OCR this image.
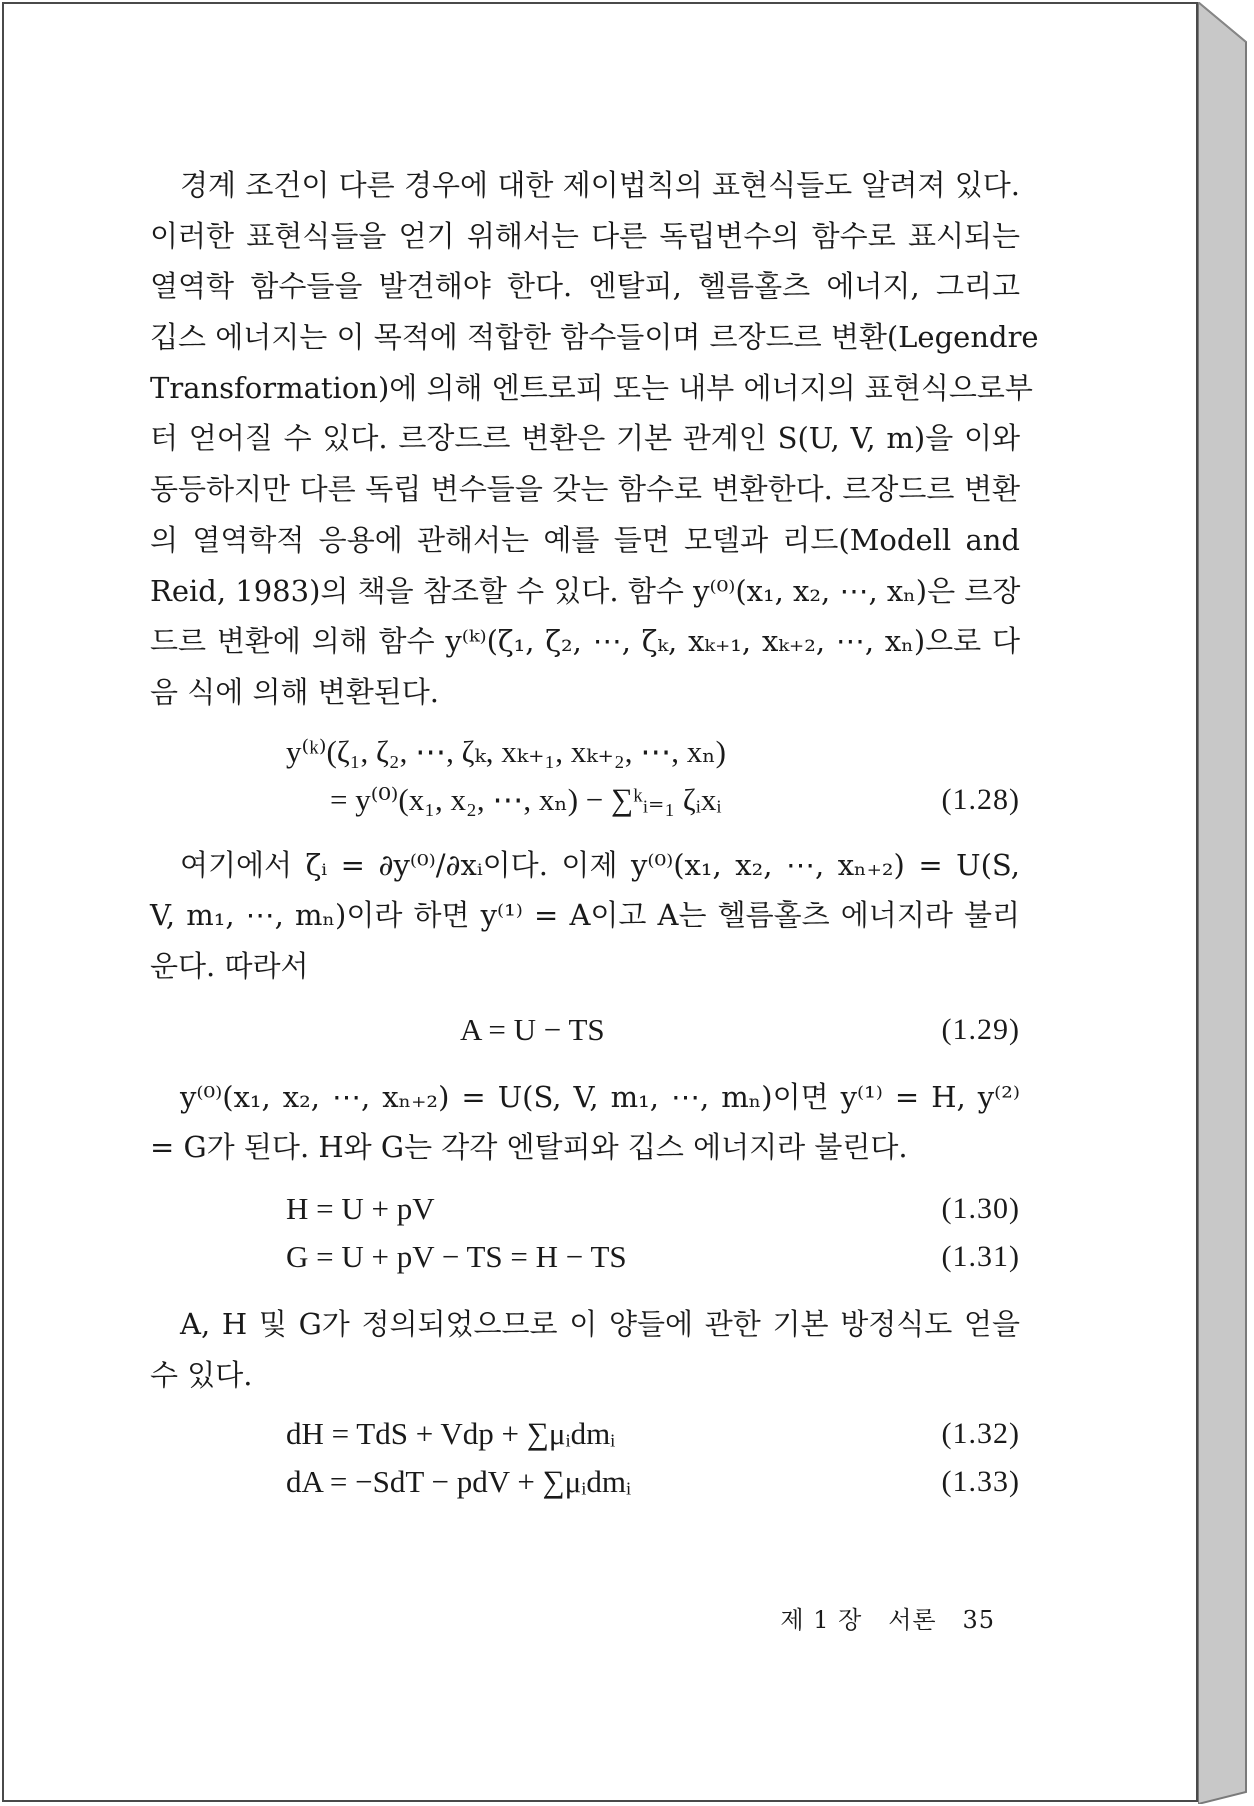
경계 조건이 다른 경우에 대한 제이법칙의 표현식들도 알려져 있다.
이러한 표현식들을 얻기 위해서는 다른 독립변수의 함수로 표시되는
열역학 함수들을 발견해야 한다. 엔탈피, 헬름홀츠 에너지, 그리고
깁스 에너지는 이 목적에 적합한 함수들이며 르장드르 변환(Legendre
Transformation)에 의해 엔트로피 또는 내부 에너지의 표현식으로부
터 얻어질 수 있다. 르장드르 변환은 기본 관계인 S(U, V, m)을 이와
동등하지만 다른 독립 변수들을 갖는 함수로 변환한다. 르장드르 변환
의 열역학적 응용에 관해서는 예를 들면 모델과 리드(Modell and
Reid, 1983)의 책을 참조할 수 있다. 함수 y⁽⁰⁾(x₁, x₂, ⋯, xₙ)은 르장
드르 변환에 의해 함수 y⁽ᵏ⁾(ζ₁, ζ₂, ⋯, ζₖ, xₖ₊₁, xₖ₊₂, ⋯, xₙ)으로 다
음 식에 의해 변환된다.

y⁽ᵏ⁾(ζ₁, ζ₂, ⋯, ζₖ, xₖ₊₁, xₖ₊₂, ⋯, xₙ)
= y⁽⁰⁾(x₁, x₂, ⋯, xₙ) − ∑ᵏᵢ₌₁ ζᵢxᵢ	(1.28)

여기에서 ζᵢ = ∂y⁽⁰⁾/∂xᵢ이다. 이제 y⁽⁰⁾(x₁, x₂, ⋯, xₙ₊₂) = U(S,
V, m₁, ⋯, mₙ)이라 하면 y⁽¹⁾ = A이고 A는 헬름홀츠 에너지라 불리
운다. 따라서

A = U − TS	(1.29)

y⁽⁰⁾(x₁, x₂, ⋯, xₙ₊₂) = U(S, V, m₁, ⋯, mₙ)이면 y⁽¹⁾ = H, y⁽²⁾
= G가 된다. H와 G는 각각 엔탈피와 깁스 에너지라 불린다.

H = U + pV	(1.30)
G = U + pV − TS = H − TS	(1.31)

A, H 및 G가 정의되었으므로 이 양들에 관한 기본 방정식도 얻을
수 있다.

dH = TdS + Vdp + ∑μᵢdmᵢ	(1.32)
dA = −SdT − pdV + ∑μᵢdmᵢ	(1.33)
제 1 장 서론 35
